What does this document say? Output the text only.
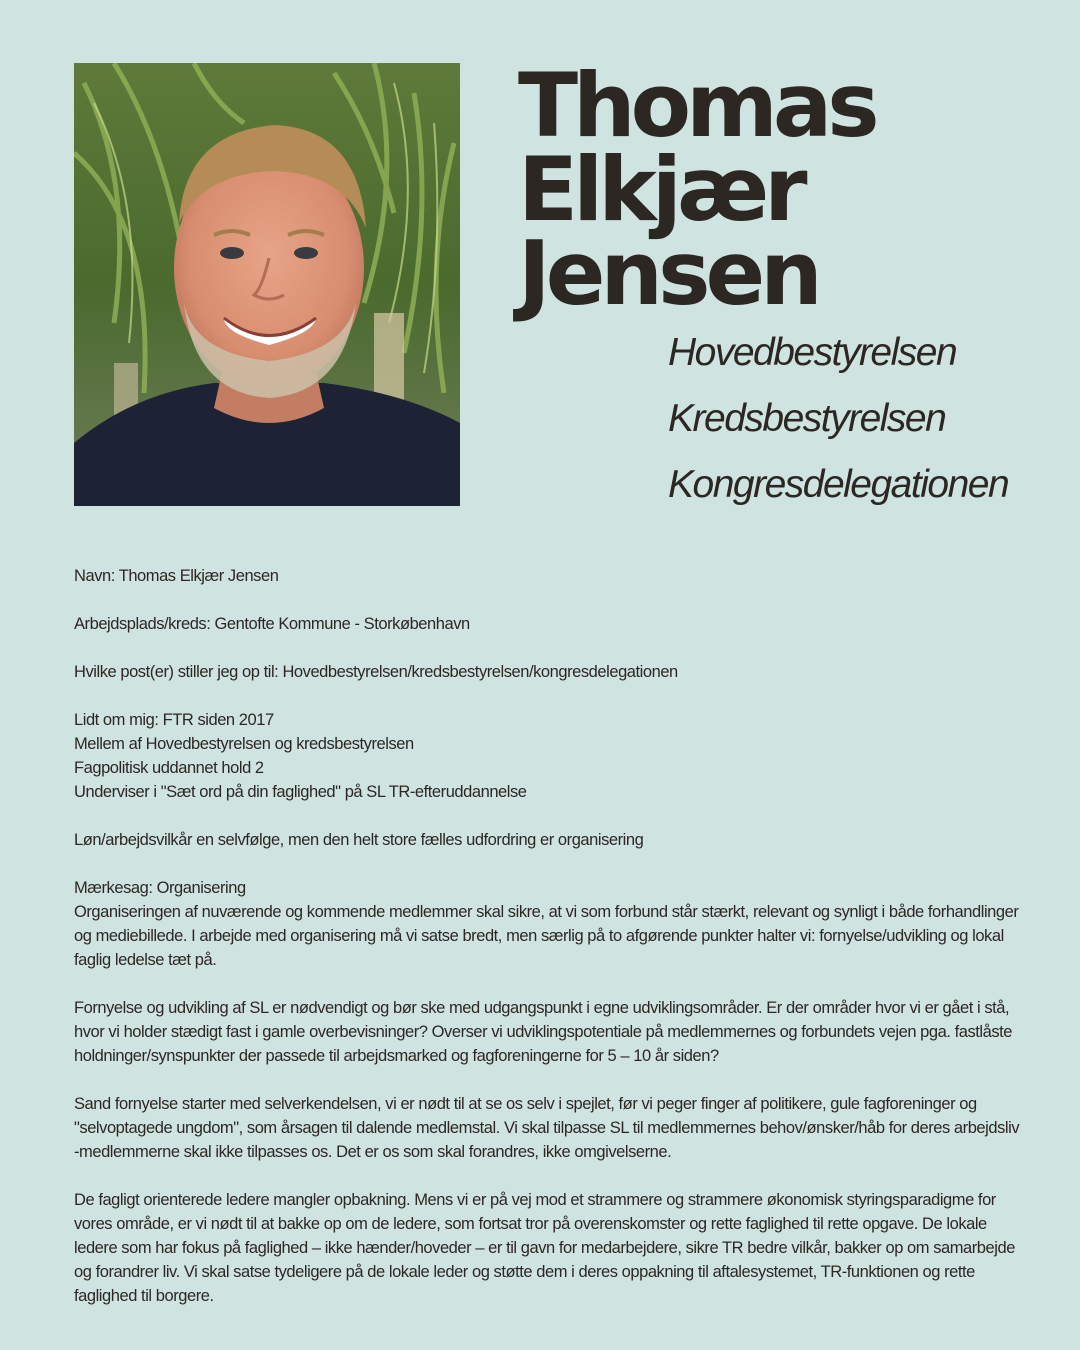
Thomas
Elkjær
Jensen
Hovedbestyrelsen
Kredsbestyrelsen
Kongresdelegationen

Navn: Thomas Elkjær Jensen

Arbejdsplads/kreds: Gentofte Kommune - Storkøbenhavn

Hvilke post(er) stiller jeg op til: Hovedbestyrelsen/kredsbestyrelsen/kongresdelegationen

Lidt om mig: FTR siden 2017
Mellem af Hovedbestyrelsen og kredsbestyrelsen
Fagpolitisk uddannet hold 2
Underviser i "Sæt ord på din faglighed" på SL TR-efteruddannelse

Løn/arbejdsvilkår en selvfølge, men den helt store fælles udfordring er organisering

Mærkesag: Organisering
Organiseringen af nuværende og kommende medlemmer skal sikre, at vi som forbund står stærkt, relevant og synligt i både forhandlinger og mediebillede. I arbejde med organisering må vi satse bredt, men særlig på to afgørende punkter halter vi: fornyelse/udvikling og lokal faglig ledelse tæt på.

Fornyelse og udvikling af SL er nødvendigt og bør ske med udgangspunkt i egne udviklingsområder. Er der områder hvor vi er gået i stå, hvor vi holder stædigt fast i gamle overbevisninger? Overser vi udviklingspotentiale på medlemmernes og forbundets vejen pga. fastlåste holdninger/synspunkter der passede til arbejdsmarked og fagforeningerne for 5 – 10 år siden?

Sand fornyelse starter med selverkendelsen, vi er nødt til at se os selv i spejlet, før vi peger finger af politikere, gule fagforeninger og "selvoptagede ungdom", som årsagen til dalende medlemstal. Vi skal tilpasse SL til medlemmernes behov/ønsker/håb for deres arbejdsliv -medlemmerne skal ikke tilpasses os. Det er os som skal forandres, ikke omgivelserne.

De fagligt orienterede ledere mangler opbakning. Mens vi er på vej mod et strammere og strammere økonomisk styringsparadigme for vores område, er vi nødt til at bakke op om de ledere, som fortsat tror på overenskomster og rette faglighed til rette opgave. De lokale ledere som har fokus på faglighed – ikke hænder/hoveder – er til gavn for medarbejdere, sikre TR bedre vilkår, bakker op om samarbejde og forandrer liv. Vi skal satse tydeligere på de lokale leder og støtte dem i deres oppakning til aftalesystemet, TR-funktionen og rette faglighed til borgere.
